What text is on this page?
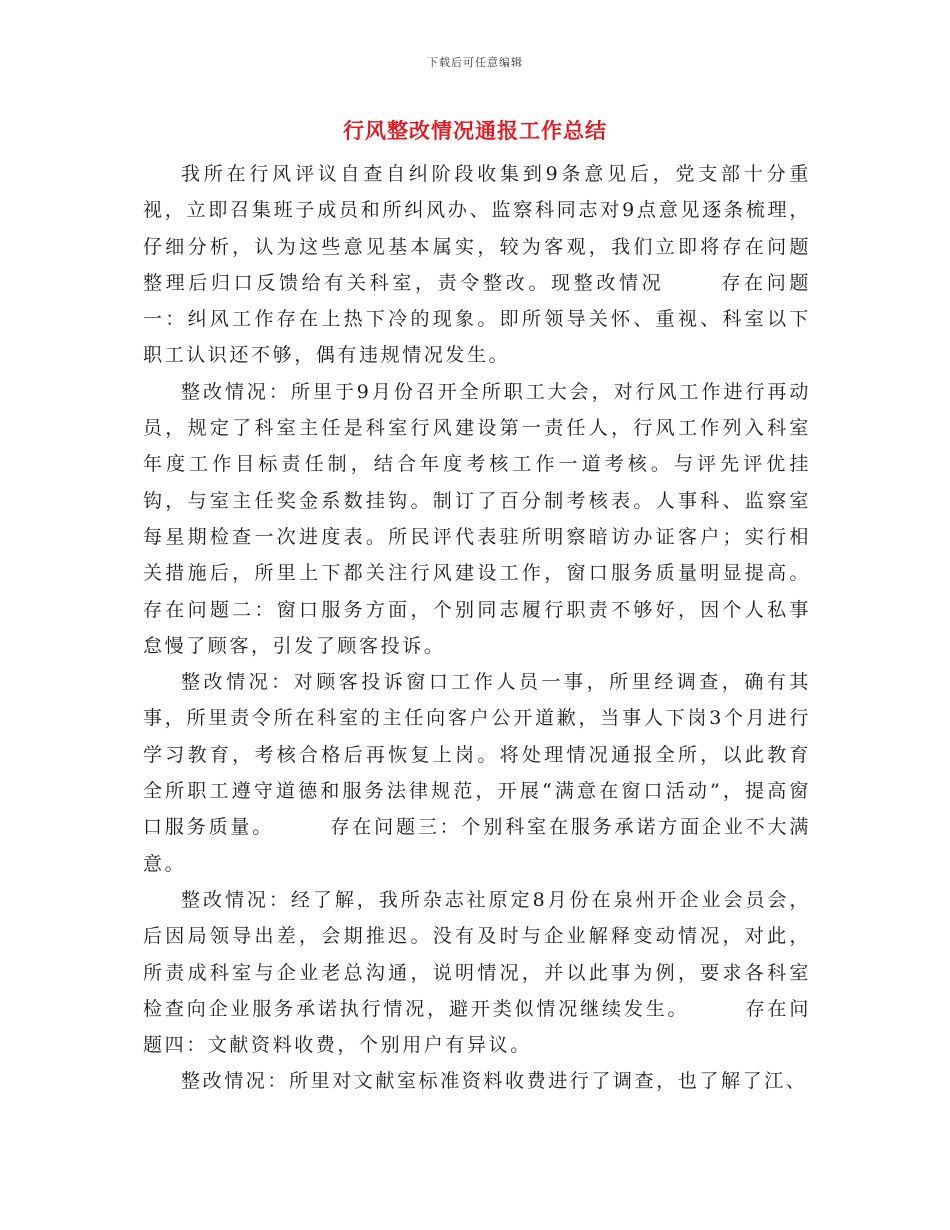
下载后可任意编辑
行风整改情况通报工作总结

我所在行风评议自查自纠阶段收集到9条意见后，党支部十分重视，立即召集班子成员和所纠风办、监察科同志对9点意见逐条梳理，仔细分析，认为这些意见基本属实，较为客观，我们立即将存在问题整理后归口反馈给有关科室，责令整改。现整改情况	存在问题一：纠风工作存在上热下冷的现象。即所领导关怀、重视、科室以下职工认识还不够，偶有违规情况发生。

整改情况：所里于9月份召开全所职工大会，对行风工作进行再动员，规定了科室主任是科室行风建设第一责任人，行风工作列入科室年度工作目标责任制，结合年度考核工作一道考核。与评先评优挂钩，与室主任奖金系数挂钩。制订了百分制考核表。人事科、监察室每星期检查一次进度表。所民评代表驻所明察暗访办证客户；实行相关措施后，所里上下都关注行风建设工作，窗口服务质量明显提高。存在问题二：窗口服务方面，个别同志履行职责不够好，因个人私事怠慢了顾客，引发了顾客投诉。

整改情况：对顾客投诉窗口工作人员一事，所里经调查，确有其事，所里责令所在科室的主任向客户公开道歉，当事人下岗3个月进行学习教育，考核合格后再恢复上岗。将处理情况通报全所，以此教育全所职工遵守道德和服务法律规范，开展“满意在窗口活动”，提高窗口服务质量。	存在问题三：个别科室在服务承诺方面企业不大满意。

整改情况：经了解，我所杂志社原定8月份在泉州开企业会员会，后因局领导出差，会期推迟。没有及时与企业解释变动情况，对此，所责成科室与企业老总沟通，说明情况，并以此事为例，要求各科室检查向企业服务承诺执行情况，避开类似情况继续发生。	存在问题四：文献资料收费，个别用户有异议。

整改情况：所里对文献室标准资料收费进行了调查，也了解了江、
